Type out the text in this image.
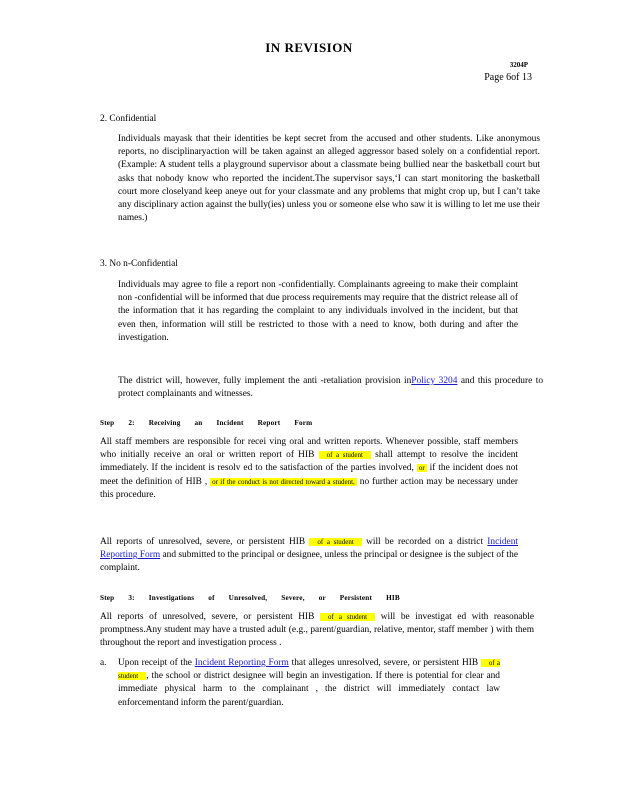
IN REVISION
3204P
Page 6of 13
2. Confidential

Individuals mayask that their identities be kept secret from the accused and other students. Like anonymous reports, no disciplinaryaction will be taken against an alleged aggressor based solely on a confidential report. (Example: A student tells a playground supervisor about a classmate being bullied near the basketball court but asks that nobody know who reported the incident.The supervisor says,‘I can start monitoring the basketball court more closelyand keep aneye out for your classmate and any problems that might crop up, but I can’t take any disciplinary action against the bully(ies) unless you or someone else who saw it is willing to let me use their names.)

3. No n-Confidential

Individuals may agree to file a report non -confidentially. Complainants agreeing to make their complaint non -confidential will be informed that due process requirements may require that the district release all of the information that it has regarding the complaint to any individuals involved in the incident, but that even then, information will still be restricted to those with a need to know, both during and after the investigation.

The district will, however, fully implement the anti -retaliation provision inPolicy 3204 and this procedure to protect complainants and witnesses.

Step 2: Receiving an Incident Report Form

All staff members are responsible for recei ving oral and written reports. Whenever possible, staff members who initially receive an oral or written report of HIB of a student shall attempt to resolve the incident immediately. If the incident is resolv ed to the satisfaction of the parties involved, or if the incident does not meet the definition of HIB , or if the conduct is not directed toward a student, no further action may be necessary under this procedure.

All reports of unresolved, severe, or persistent HIB of a student will be recorded on a district Incident Reporting Form and submitted to the principal or designee, unless the principal or designee is the subject of the complaint.

Step 3: Investigations of Unresolved, Severe, or Persistent HIB

All reports of unresolved, severe, or persistent HIB of a student will be investigat ed with reasonable promptness.Any student may have a trusted adult (e.g., parent/guardian, relative, mentor, staff member ) with them throughout the report and investigation process .

a.	Upon receipt of the Incident Reporting Form that alleges unresolved, severe, or persistent HIB of a student , the school or district designee will begin an investigation. If there is potential for clear and immediate physical harm to the complainant , the district will immediately contact law enforcementand inform the parent/guardian.
